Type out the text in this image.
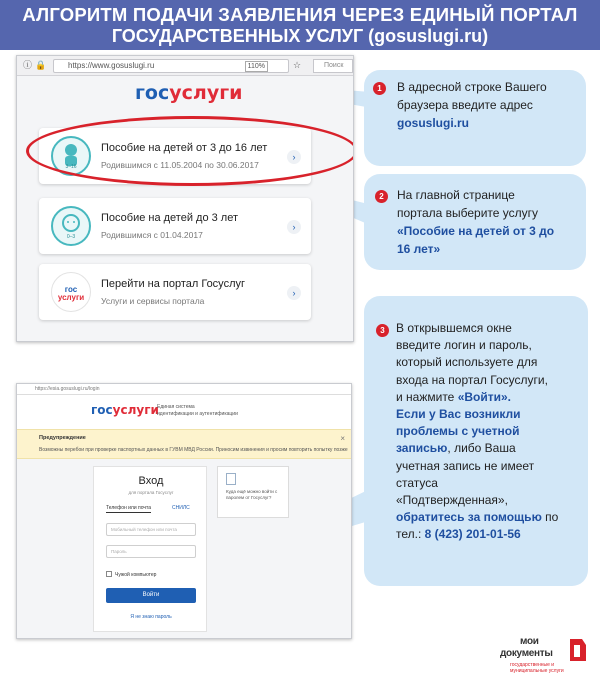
АЛГОРИТМ ПОДАЧИ ЗАЯВЛЕНИЯ ЧЕРЕЗ ЕДИНЫЙ ПОРТАЛ
ГОСУДАРСТВЕННЫХ УСЛУГ (gosuslugi.ru)
ⓘ 🔒	https://www.gosuslugi.ru	110%	☆	Поиск
госуслуги
3–16
Пособие на детей от 3 до 16 лет
Родившимся с 11.05.2004 по 30.06.2017
›
0–3
Пособие на детей до 3 лет
Родившимся с 01.04.2017
›
гос
услуги
Перейти на портал Госуслуг
Услуги и сервисы портала
›
https://esia.gosuslugi.ru/login
госуслуги
Единая система
идентификации и аутентификации
Предупреждение
Возможны перебои при проверке паспортных данных в ГУВМ МВД России. Приносим извинения и просим повторить попытку позже
×
Вход
для портала Госуслуг
Телефон или почта	СНИЛС
Мобильный телефон или почта
Пароль
Чужой компьютер
Войти
Я не знаю пароль
Куда ещё можно войти с паролем от Госуслуг?
1	В адресной строке Вашего
браузера введите адрес
gosuslugi.ru
2	На главной странице
портала выберите услугу
«Пособие на детей от 3 до
16 лет»
3 В открывшемся окне
введите логин и пароль,
который используете для
входа на портал Госуслуги,
и нажмите «Войти».
Если у Вас возникли
проблемы с учетной
записью, либо Ваша
учетная запись не имеет
статуса
«Подтвержденная»,
обратитесь за помощью по
тел.: 8 (423) 201-01-56
мои
документы
государственные и муниципальные услуги
